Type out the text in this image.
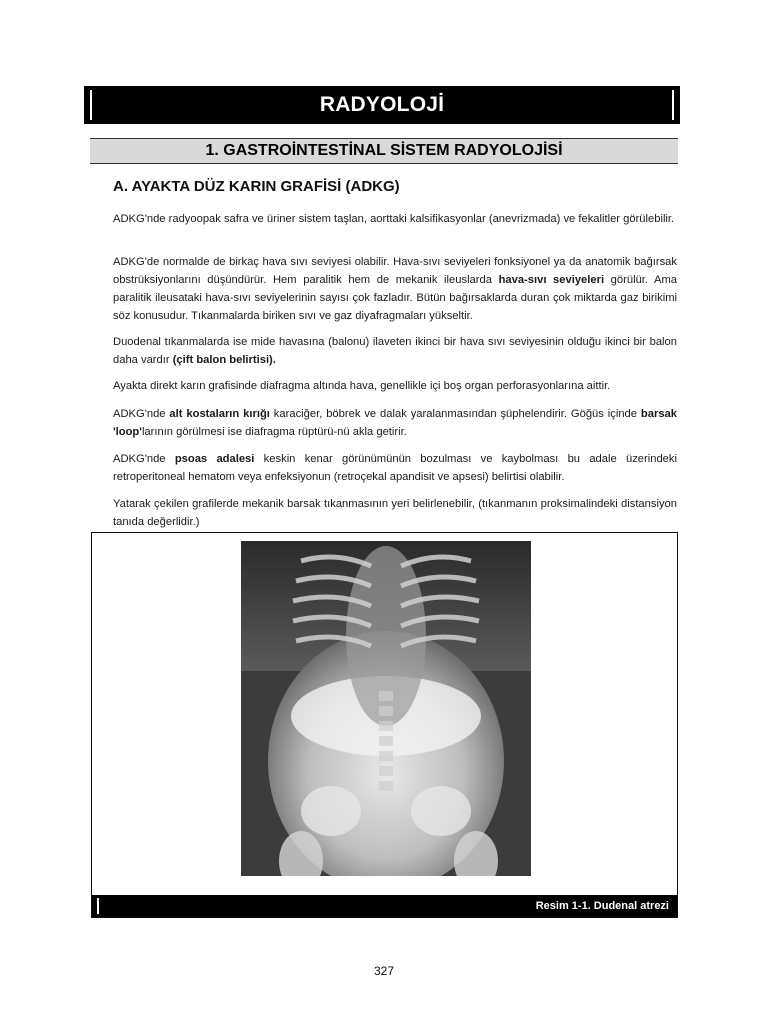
RADYOLOJİ
1. GASTROİNTESTİNAL SİSTEM RADYOLOJİSİ
A. AYAKTA DÜZ KARIN GRAFİSİ (ADKG)
ADKG'nde radyoopak safra ve üriner sistem taşlan, aorttaki kalsifikasyonlar (anevrizmada) ve fekalitler görülebilir.
ADKG'de normalde de birkaç hava sıvı seviyesi olabilir. Hava-sıvı seviyeleri fonksiyonel ya da anatomik bağırsak obstrüksiyonlarını düşündürür. Hem paralitik hem de mekanik ileuslarda hava-sıvı seviyeleri görülür. Ama paralitik ileusataki hava-sıvı seviyelerinin sayısı çok fazladır. Bütün bağırsaklarda duran çok miktarda gaz birikimi söz konusudur. Tıkanmalarda biriken sıvı ve gaz diyafragmaları yükseltir.
Duodenal tıkanmalarda ise mide havasına (balonu) ilaveten ikinci bir hava sıvı seviyesinin olduğu ikinci bir balon daha vardır (çift balon belirtisi).
Ayakta direkt karın grafisinde diafragma altında hava, genellikle içi boş organ perforasyonlarına aittir.
ADKG'nde alt kostaların kırığı karaciğer, böbrek ve dalak yaralanmasından şüphelendirir. Göğüs içinde barsak 'loop'larının görülmesi ise diafragma rüptürü-nü akla getirir.
ADKG'nde psoas adalesi keskin kenar görünümünün bozulması ve kaybolması bu adale üzerindeki retroperitoneal hematom veya enfeksiyonun (retroçekal apandisit ve apsesi) belirtisi olabilir.
Yatarak çekilen grafilerde mekanik barsak tıkanmasının yeri belirlenebilir, (tıkanmanın proksimalindeki distansiyon tanıda değerlidir.)
Resim 1-1. Dudenal atrezi
327
